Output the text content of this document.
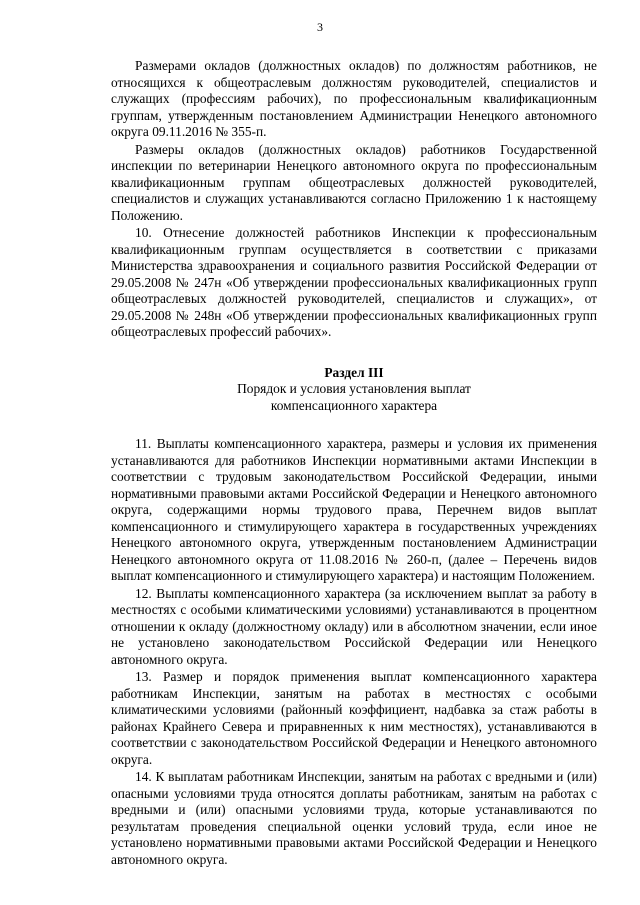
3

Размерами окладов (должностных окладов) по должностям работников, не относящихся к общеотраслевым должностям руководителей, специалистов и служащих (профессиям рабочих), по профессиональным квалификационным группам, утвержденным постановлением Администрации Ненецкого автономного округа 09.11.2016 № 355-п.

Размеры окладов (должностных окладов) работников Государственной инспекции по ветеринарии Ненецкого автономного округа по профессиональным квалификационным группам общеотраслевых должностей руководителей, специалистов и служащих устанавливаются согласно Приложению 1 к настоящему Положению.

10. Отнесение должностей работников Инспекции к профессиональным квалификационным группам осуществляется в соответствии с приказами Министерства здравоохранения и социального развития Российской Федерации от 29.05.2008 № 247н «Об утверждении профессиональных квалификационных групп общеотраслевых должностей руководителей, специалистов и служащих», от 29.05.2008 № 248н «Об утверждении профессиональных квалификационных групп общеотраслевых профессий рабочих».

Раздел III
Порядок и условия установления выплат
компенсационного характера

11. Выплаты компенсационного характера, размеры и условия их применения устанавливаются для работников Инспекции нормативными актами Инспекции в соответствии с трудовым законодательством Российской Федерации, иными нормативными правовыми актами Российской Федерации и Ненецкого автономного округа, содержащими нормы трудового права, Перечнем видов выплат компенсационного и стимулирующего характера в государственных учреждениях Ненецкого автономного округа, утвержденным постановлением Администрации Ненецкого автономного округа от 11.08.2016 № 260-п, (далее – Перечень видов выплат компенсационного и стимулирующего характера) и настоящим Положением.

12. Выплаты компенсационного характера (за исключением выплат за работу в местностях с особыми климатическими условиями) устанавливаются в процентном отношении к окладу (должностному окладу) или в абсолютном значении, если иное не установлено законодательством Российской Федерации или Ненецкого автономного округа.

13. Размер и порядок применения выплат компенсационного характера работникам Инспекции, занятым на работах в местностях с особыми климатическими условиями (районный коэффициент, надбавка за стаж работы в районах Крайнего Севера и приравненных к ним местностях), устанавливаются в соответствии с законодательством Российской Федерации и Ненецкого автономного округа.

14. К выплатам работникам Инспекции, занятым на работах с вредными и (или) опасными условиями труда относятся доплаты работникам, занятым на работах с вредными и (или) опасными условиями труда, которые устанавливаются по результатам проведения специальной оценки условий труда, если иное не установлено нормативными правовыми актами Российской Федерации и Ненецкого автономного округа.
